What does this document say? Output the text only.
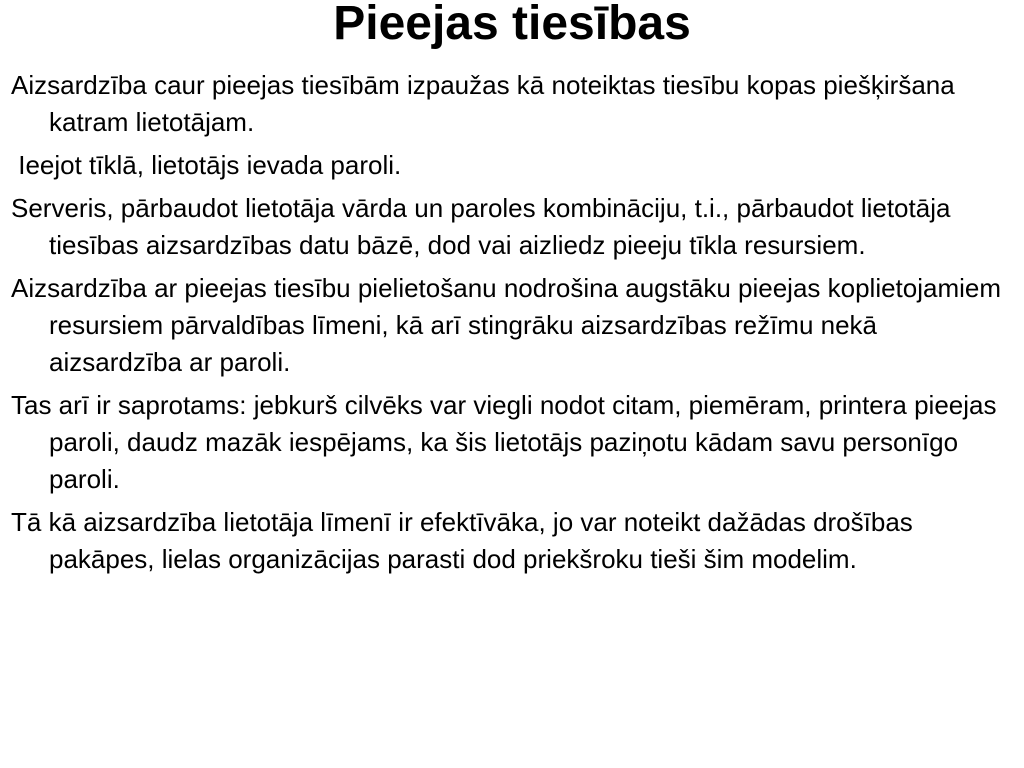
Pieejas tiesības
Aizsardzība caur pieejas tiesībām izpaužas kā noteiktas tiesību kopas piešķiršana katram lietotājam.
Ieejot tīklā, lietotājs ievada paroli.
Serveris, pārbaudot lietotāja vārda un paroles kombināciju, t.i., pārbaudot lietotāja tiesības aizsardzības datu bāzē, dod vai aizliedz pieeju tīkla resursiem.
Aizsardzība ar pieejas tiesību pielietošanu nodrošina augstāku pieejas koplietojamiem resursiem pārvaldības līmeni, kā arī stingrāku aizsardzības režīmu nekā aizsardzība ar paroli.
Tas arī ir saprotams: jebkurš cilvēks var viegli nodot citam, piemēram, printera pieejas paroli, daudz mazāk iespējams, ka šis lietotājs paziņotu kādam savu personīgo paroli.
Tā kā aizsardzība lietotāja līmenī ir efektīvāka, jo var noteikt dažādas drošības pakāpes, lielas organizācijas parasti dod priekšroku tieši šim modelim.
